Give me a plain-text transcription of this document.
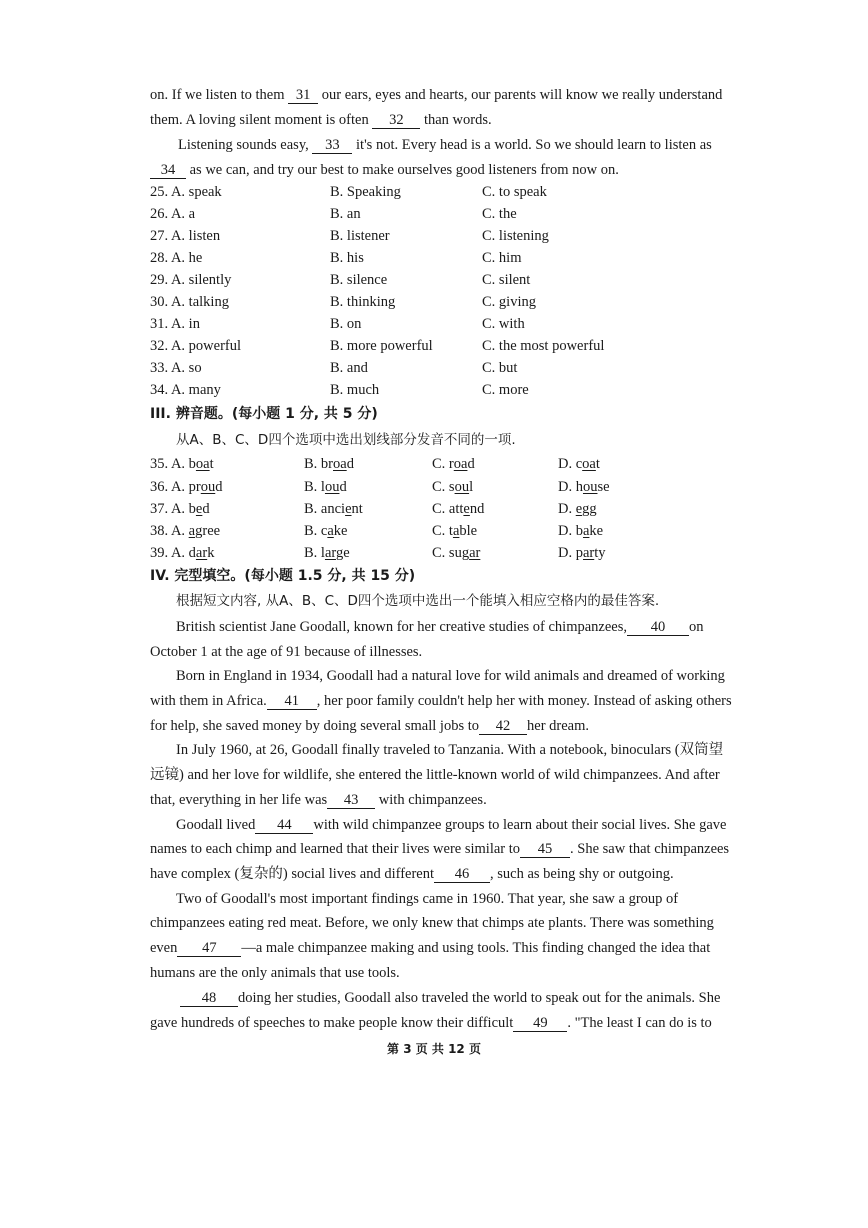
on. If we listen to them 31 our ears, eyes and hearts, our parents will know we really understand
them. A loving silent moment is often 32 than words.
Listening sounds easy, 33 it's not. Every head is a world. So we should learn to listen as
34 as we can, and try our best to make ourselves good listeners from now on.
25. A. speak	B. Speaking	C. to speak
26. A. a	B. an	C. the
27. A. listen	B. listener	C. listening
28. A. he	B. his	C. him
29. A. silently	B. silence	C. silent
30. A. talking	B. thinking	C. giving
31. A. in	B. on	C. with
32. A. powerful	B. more powerful	C. the most powerful
33. A. so	B. and	C. but
34. A. many	B. much	C. more
III. 辨音题。(每小题 1 分, 共 5 分)
从A、B、C、D四个选项中选出划线部分发音不同的一项.
35. A. boat	B. broad	C. road	D. coat
36. A. proud	B. loud	C. soul	D. house
37. A. bed	B. ancient	C. attend	D. egg
38. A. agree	B. cake	C. table	D. bake
39. A. dark	B. large	C. sugar	D. party
IV. 完型填空。(每小题 1.5 分, 共 15 分)
根据短文内容, 从A、B、C、D四个选项中选出一个能填入相应空格内的最佳答案.
British scientist Jane Goodall, known for her creative studies of chimpanzees, 40 on
October 1 at the age of 91 because of illnesses.
Born in England in 1934, Goodall had a natural love for wild animals and dreamed of working
with them in Africa. 41 , her poor family couldn't help her with money. Instead of asking others
for help, she saved money by doing several small jobs to 42 her dream.
In July 1960, at 26, Goodall finally traveled to Tanzania. With a notebook, binoculars (双筒望
远镜) and her love for wildlife, she entered the little-known world of wild chimpanzees. And after
that, everything in her life was 43 with chimpanzees.
Goodall lived 44 with wild chimpanzee groups to learn about their social lives. She gave
names to each chimp and learned that their lives were similar to 45 . She saw that chimpanzees
have complex (复杂的) social lives and different 46 , such as being shy or outgoing.
Two of Goodall's most important findings came in 1960. That year, she saw a group of
chimpanzees eating red meat. Before, we only knew that chimps ate plants. There was something
even 47 —a male chimpanzee making and using tools. This finding changed the idea that
humans are the only animals that use tools.
48 doing her studies, Goodall also traveled the world to speak out for the animals. She
gave hundreds of speeches to make people know their difficult 49 . "The least I can do is to
第 3 页 共 12 页
